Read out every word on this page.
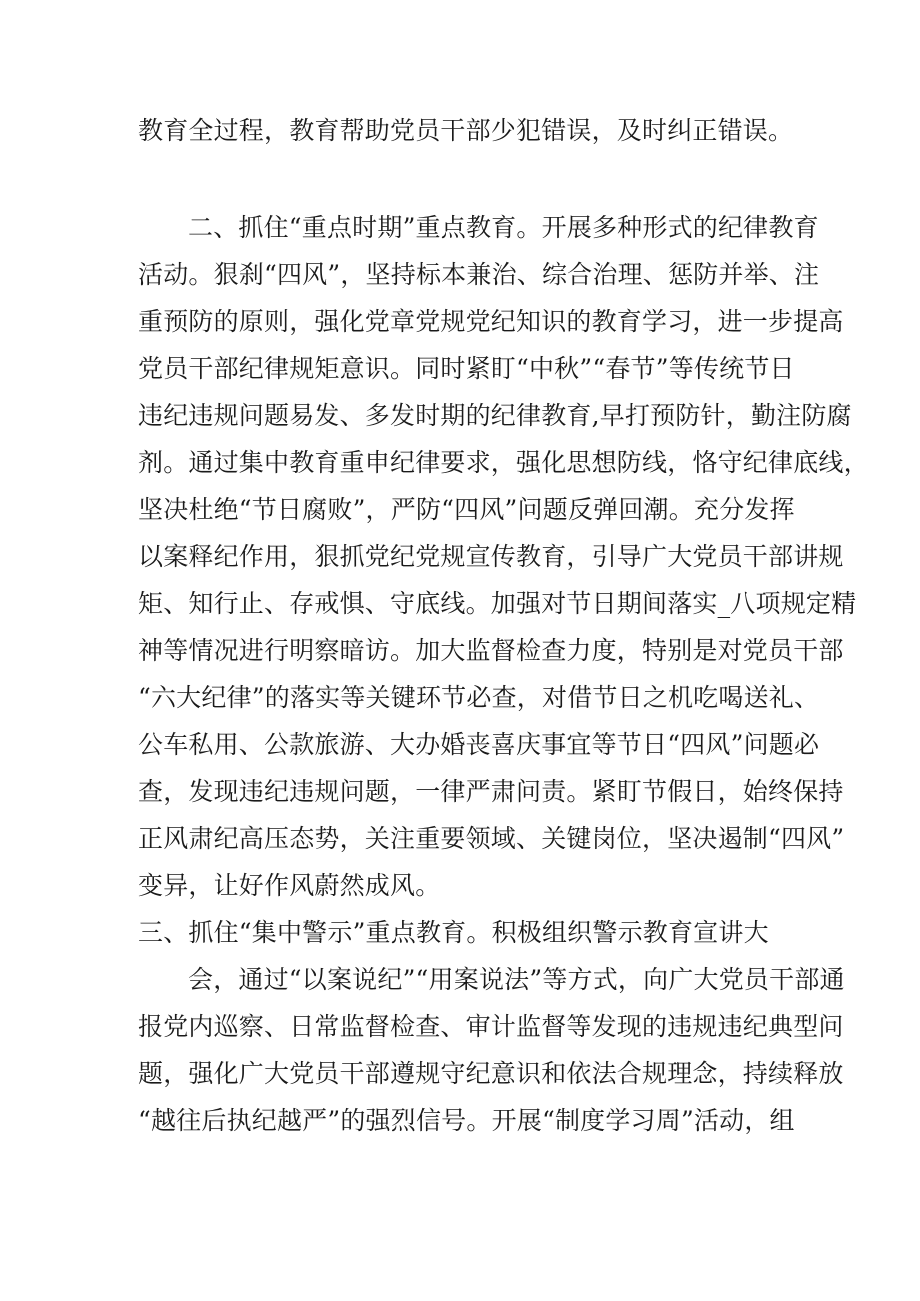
教育全过程，教育帮助党员干部少犯错误，及时纠正错误。
二、抓住“重点时期”重点教育。开展多种形式的纪律教育
活动。狠刹“四风”，坚持标本兼治、综合治理、惩防并举、注
重预防的原则，强化党章党规党纪知识的教育学习，进一步提高
党员干部纪律规矩意识。同时紧盯“中秋”“春节”等传统节日
违纪违规问题易发、多发时期的纪律教育,早打预防针，勤注防腐
剂。通过集中教育重申纪律要求，强化思想防线，恪守纪律底线，
坚决杜绝“节日腐败”，严防“四风”问题反弹回潮。充分发挥
以案释纪作用，狠抓党纪党规宣传教育，引导广大党员干部讲规
矩、知行止、存戒惧、守底线。加强对节日期间落实_八项规定精
神等情况进行明察暗访。加大监督检查力度，特别是对党员干部
“六大纪律”的落实等关键环节必查，对借节日之机吃喝送礼、
公车私用、公款旅游、大办婚丧喜庆事宜等节日“四风”问题必
查，发现违纪违规问题，一律严肃问责。紧盯节假日，始终保持
正风肃纪高压态势，关注重要领域、关键岗位，坚决遏制“四风”
变异，让好作风蔚然成风。
三、抓住“集中警示”重点教育。积极组织警示教育宣讲大
会，通过“以案说纪”“用案说法”等方式，向广大党员干部通
报党内巡察、日常监督检查、审计监督等发现的违规违纪典型问
题，强化广大党员干部遵规守纪意识和依法合规理念，持续释放
“越往后执纪越严”的强烈信号。开展“制度学习周”活动，组
